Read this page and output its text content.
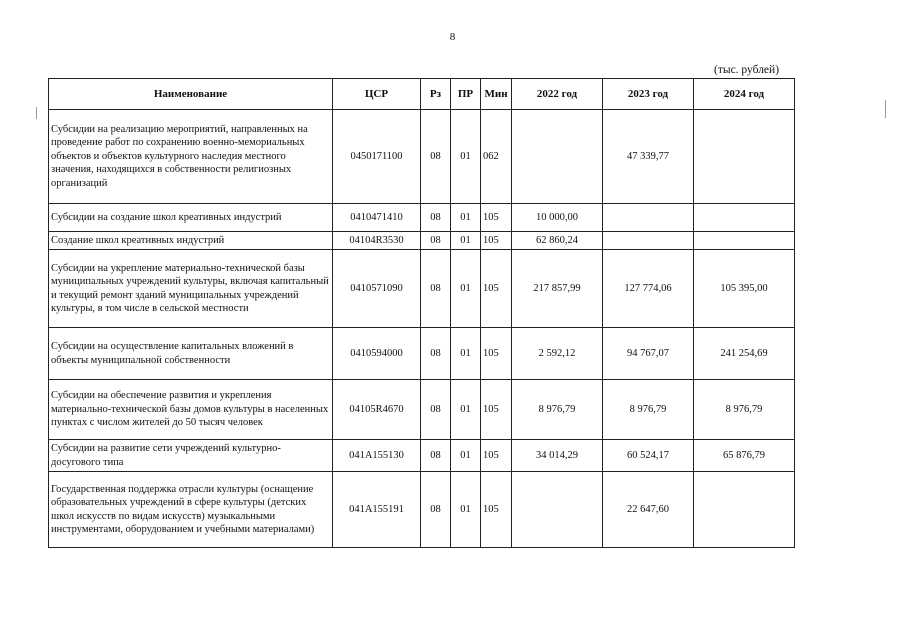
8
(тыс. рублей)
Наименование	ЦСР	Рз	ПР	Мин	2022 год	2023 год	2024 год
Субсидии на реализацию мероприятий, направленных на проведение работ по сохранению военно-мемориальных объектов и объектов культурного наследия местного значения, находящихся в собственности религиозных организаций	0450171100	08	01	062		47 339,77	
Субсидии на создание школ креативных индустрий	0410471410	08	01	105	10 000,00		
Создание школ креативных индустрий	04104R3530	08	01	105	62 860,24		
Субсидии на укрепление материально-технической базы муниципальных учреждений культуры, включая капитальный и текущий ремонт зданий муниципальных учреждений культуры, в том числе в сельской местности	0410571090	08	01	105	217 857,99	127 774,06	105 395,00
Субсидии на осуществление капитальных вложений в объекты муниципальной собственности	0410594000	08	01	105	2 592,12	94 767,07	241 254,69
Субсидии на обеспечение развития и укрепления материально-технической базы домов культуры в населенных пунктах с числом жителей до 50 тысяч человек	04105R4670	08	01	105	8 976,79	8 976,79	8 976,79
Субсидии на развитие сети учреждений культурно-досугового типа	041A155130	08	01	105	34 014,29	60 524,17	65 876,79
Государственная поддержка отрасли культуры (оснащение образовательных учреждений в сфере культуры (детских школ искусств по видам искусств) музыкальными инструментами, оборудованием и учебными материалами)	041A155191	08	01	105		22 647,60	
